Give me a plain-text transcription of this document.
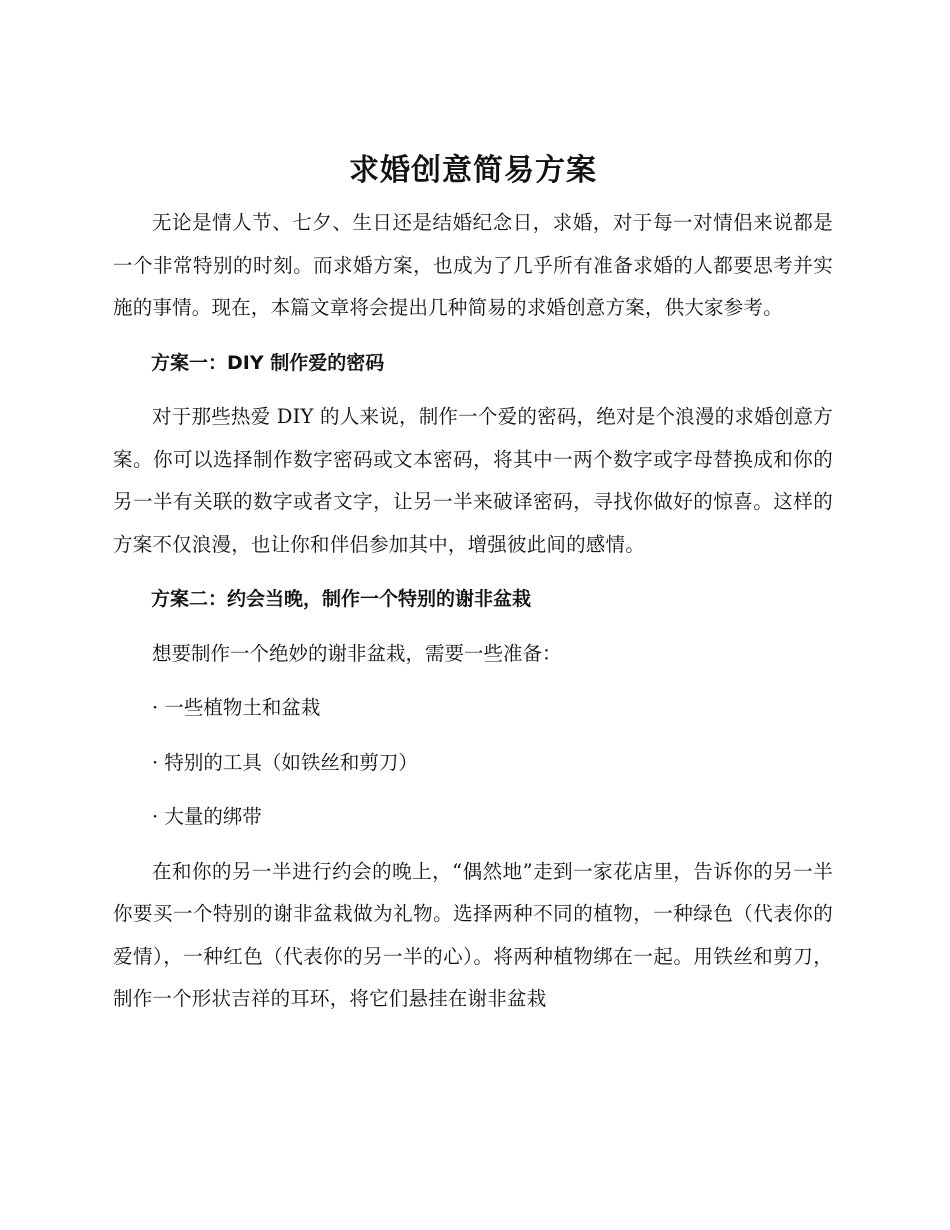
求婚创意简易方案

无论是情人节、七夕、生日还是结婚纪念日，求婚，对于每一对情侣来说都是一个非常特别的时刻。而求婚方案，也成为了几乎所有准备求婚的人都要思考并实施的事情。现在，本篇文章将会提出几种简易的求婚创意方案，供大家参考。

方案一：DIY 制作爱的密码

对于那些热爱 DIY 的人来说，制作一个爱的密码，绝对是个浪漫的求婚创意方案。你可以选择制作数字密码或文本密码，将其中一两个数字或字母替换成和你的另一半有关联的数字或者文字，让另一半来破译密码，寻找你做好的惊喜。这样的方案不仅浪漫，也让你和伴侣参加其中，增强彼此间的感情。

方案二：约会当晚，制作一个特别的谢非盆栽

想要制作一个绝妙的谢非盆栽，需要一些准备：

· 一些植物土和盆栽

· 特别的工具（如铁丝和剪刀）

· 大量的绑带

在和你的另一半进行约会的晚上，“偶然地”走到一家花店里，告诉你的另一半你要买一个特别的谢非盆栽做为礼物。选择两种不同的植物，一种绿色（代表你的爱情），一种红色（代表你的另一半的心）。将两种植物绑在一起。用铁丝和剪刀，制作一个形状吉祥的耳环，将它们悬挂在谢非盆栽
